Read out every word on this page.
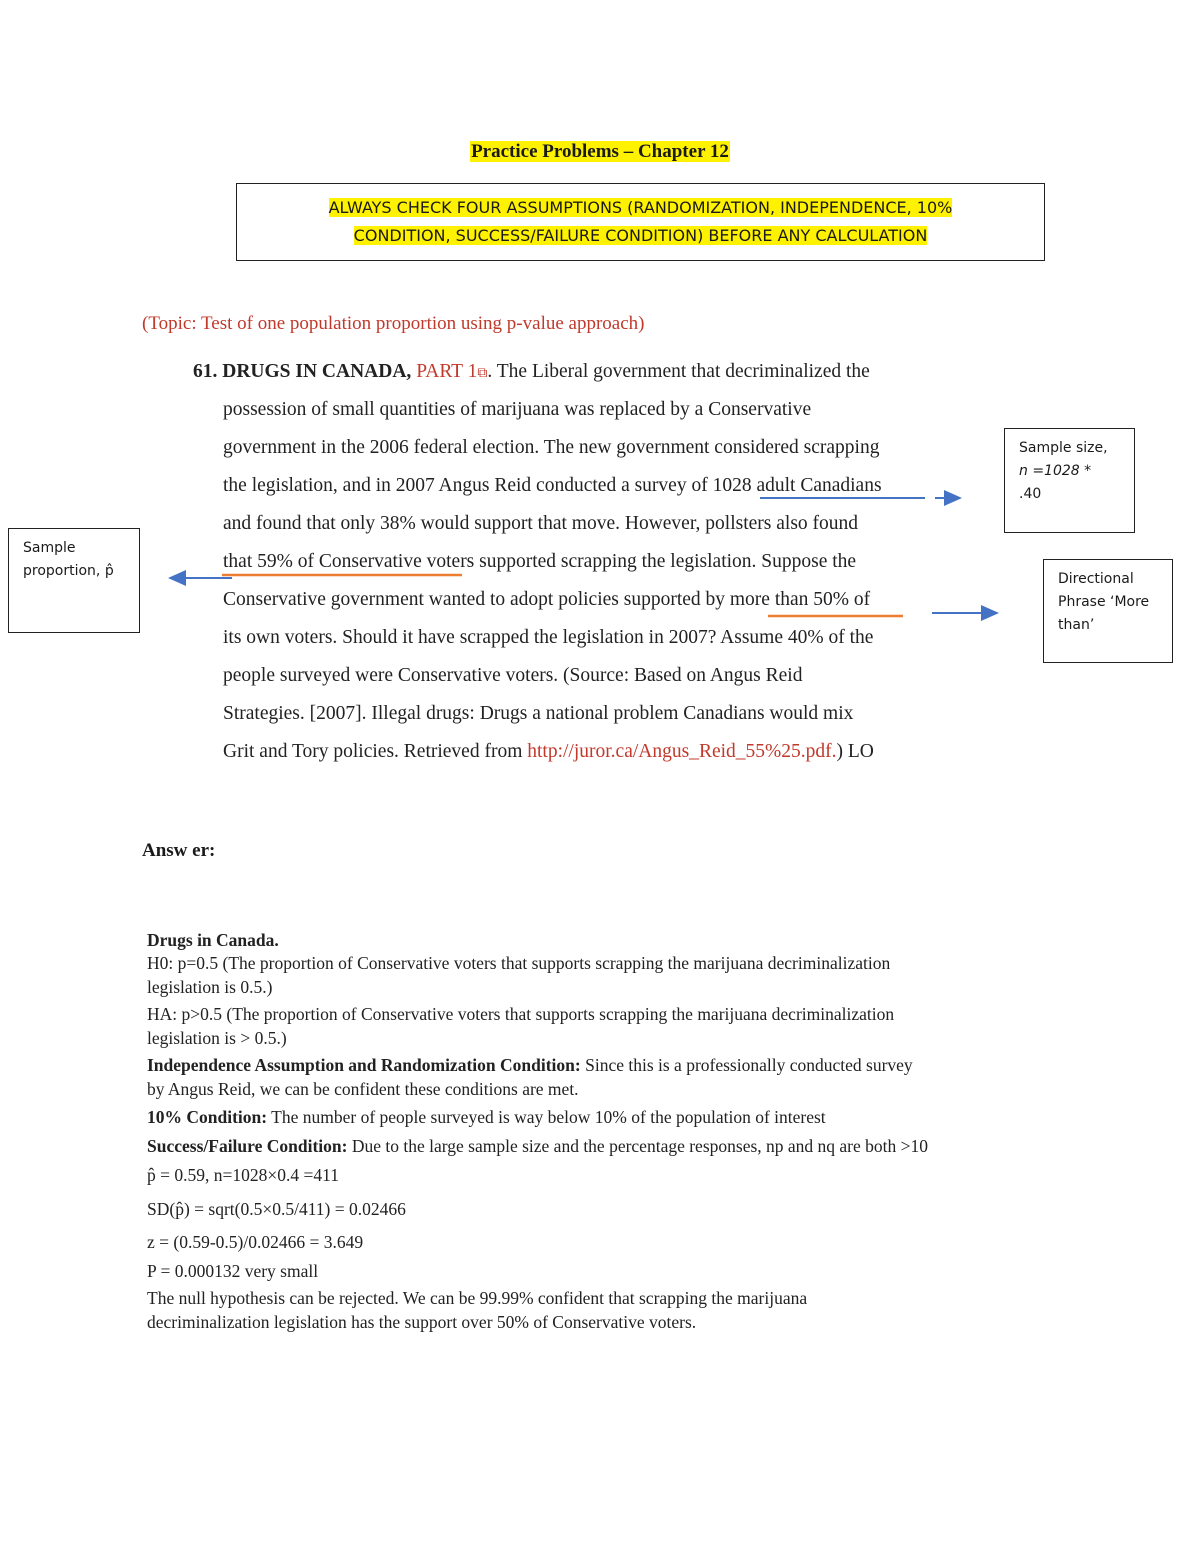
Practice Problems – Chapter 12
ALWAYS CHECK FOUR ASSUMPTIONS (RANDOMIZATION, INDEPENDENCE, 10%
CONDITION, SUCCESS/FAILURE CONDITION) BEFORE ANY CALCULATION
(Topic: Test of one population proportion using p-value approach)
61. DRUGS IN CANADA, PART 1⧉. The Liberal government that decriminalized the
possession of small quantities of marijuana was replaced by a Conservative
government in the 2006 federal election. The new government considered scrapping
the legislation, and in 2007 Angus Reid conducted a survey of 1028 adult Canadians
and found that only 38% would support that move. However, pollsters also found
that 59% of Conservative voters supported scrapping the legislation. Suppose the
Conservative government wanted to adopt policies supported by more than 50% of
its own voters. Should it have scrapped the legislation in 2007? Assume 40% of the
people surveyed were Conservative voters. (Source: Based on Angus Reid
Strategies. [2007]. Illegal drugs: Drugs a national problem Canadians would mix
Grit and Tory policies. Retrieved from http://juror.ca/Angus_Reid_55%25.pdf.) LO
Sample size,
n =1028 *
.40
Sample
proportion, p̂	Directional
Phrase ‘More
than’
Answ er:
Drugs in Canada.
H0: p=0.5 (The proportion of Conservative voters that supports scrapping the marijuana decriminalization
legislation is 0.5.)
HA: p>0.5 (The proportion of Conservative voters that supports scrapping the marijuana decriminalization
legislation is > 0.5.)
Independence Assumption and Randomization Condition: Since this is a professionally conducted survey
by Angus Reid, we can be confident these conditions are met.
10% Condition: The number of people surveyed is way below 10% of the population of interest
Success/Failure Condition: Due to the large sample size and the percentage responses, np and nq are both >10
p̂ = 0.59, n=1028×0.4 =411
SD(p̂) = sqrt(0.5×0.5/411) = 0.02466
z = (0.59-0.5)/0.02466 = 3.649
P = 0.000132 very small
The null hypothesis can be rejected. We can be 99.99% confident that scrapping the marijuana
decriminalization legislation has the support over 50% of Conservative voters.
